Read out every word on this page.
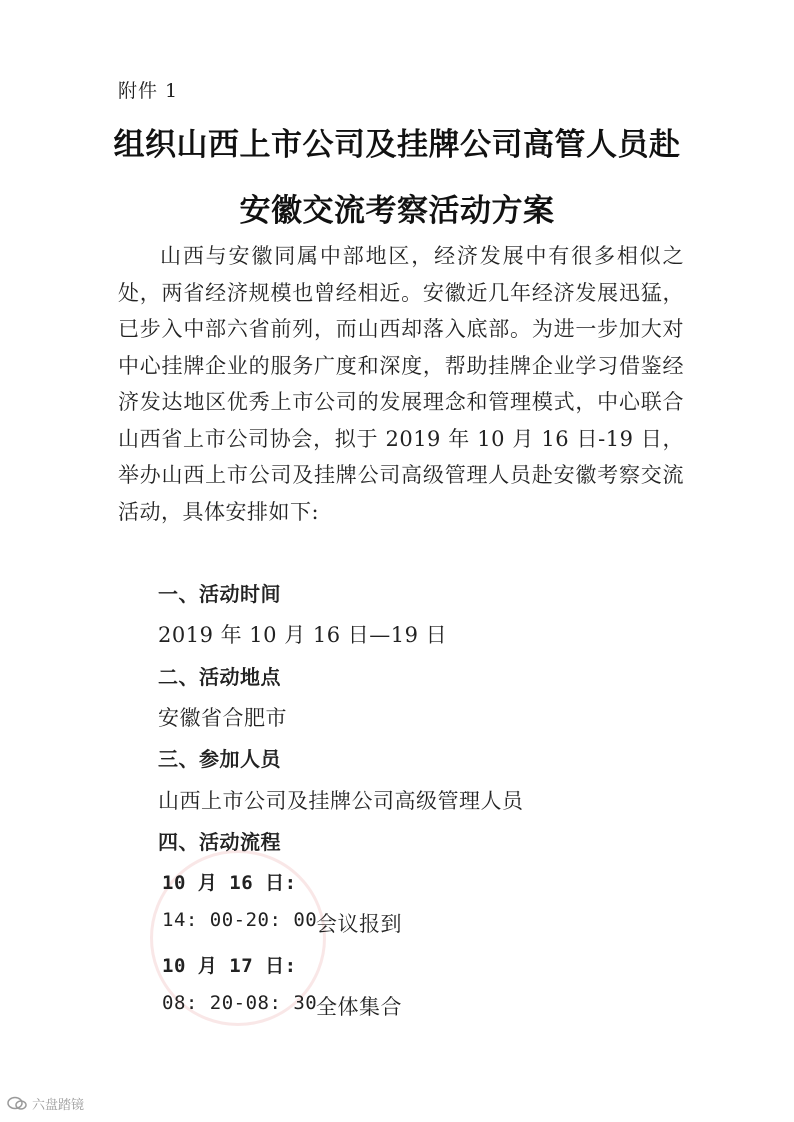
附件 1
组织山西上市公司及挂牌公司高管人员赴
安徽交流考察活动方案
山西与安徽同属中部地区，经济发展中有很多相似之处，两省经济规模也曾经相近。安徽近几年经济发展迅猛，已步入中部六省前列，而山西却落入底部。为进一步加大对中心挂牌企业的服务广度和深度，帮助挂牌企业学习借鉴经济发达地区优秀上市公司的发展理念和管理模式，中心联合山西省上市公司协会，拟于 2019 年 10 月 16 日-19 日，举办山西上市公司及挂牌公司高级管理人员赴安徽考察交流活动，具体安排如下:
一、活动时间
2019 年 10 月 16 日—19 日
二、活动地点
安徽省合肥市
三、参加人员
山西上市公司及挂牌公司高级管理人员
四、活动流程
10 月 16 日:
14: 00-20: 00
会议报到
10 月 17 日:
08: 20-08: 30
全体集合
六盘踏镜
